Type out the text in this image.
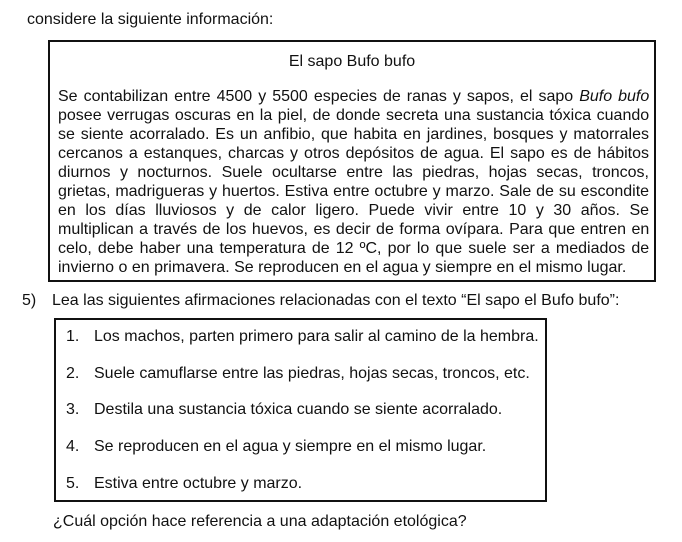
considere la siguiente información:
El sapo Bufo bufo
Se contabilizan entre 4500 y 5500 especies de ranas y sapos, el sapo Bufo bufo
posee verrugas oscuras en la piel, de donde secreta una sustancia tóxica cuando
se siente acorralado. Es un anfibio, que habita en jardines, bosques y matorrales
cercanos a estanques, charcas y otros depósitos de agua. El sapo es de hábitos
diurnos y nocturnos. Suele ocultarse entre las piedras, hojas secas, troncos,
grietas, madrigueras y huertos. Estiva entre octubre y marzo. Sale de su escondite
en los días lluviosos y de calor ligero. Puede vivir entre 10 y 30 años. Se
multiplican a través de los huevos, es decir de forma ovípara. Para que entren en
celo, debe haber una temperatura de 12 ºC, por lo que suele ser a mediados de
invierno o en primavera. Se reproducen en el agua y siempre en el mismo lugar.
5) Lea las siguientes afirmaciones relacionadas con el texto “El sapo el Bufo bufo”:
1. Los machos, parten primero para salir al camino de la hembra.
2. Suele camuflarse entre las piedras, hojas secas, troncos, etc.
3. Destila una sustancia tóxica cuando se siente acorralado.
4. Se reproducen en el agua y siempre en el mismo lugar.
5. Estiva entre octubre y marzo.
¿Cuál opción hace referencia a una adaptación etológica?
